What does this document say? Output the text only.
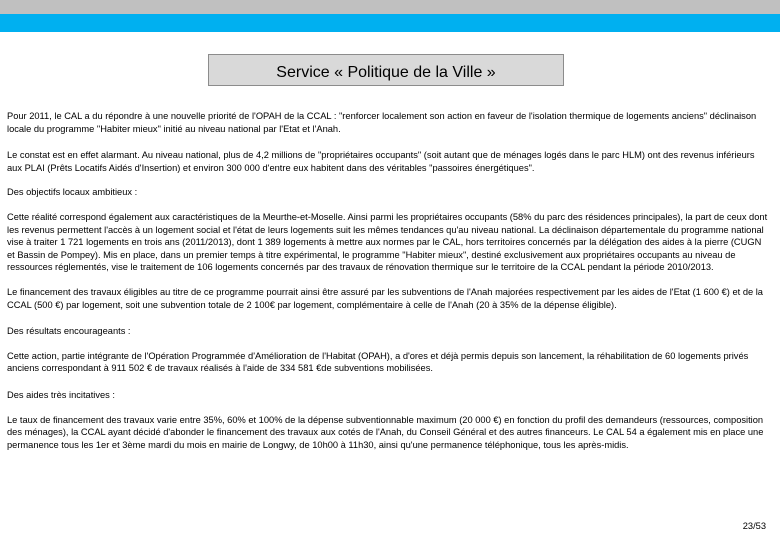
Service « Politique de la Ville »

Pour 2011, le CAL a du répondre à une nouvelle priorité de l'OPAH de la CCAL : "renforcer localement son action en faveur de l'isolation thermique de logements anciens" déclinaison locale du programme "Habiter mieux" initié au niveau national par l'Etat et l'Anah.

Le constat est en effet alarmant. Au niveau national, plus de 4,2 millions de "propriétaires occupants" (soit autant que de ménages logés dans le parc HLM) ont des revenus inférieurs aux PLAI (Prêts Locatifs Aidés d'Insertion) et environ 300 000 d'entre eux habitent dans des véritables "passoires énergétiques".

Des objectifs locaux ambitieux :

Cette réalité correspond également aux caractéristiques de la Meurthe-et-Moselle. Ainsi parmi les propriétaires occupants (58% du parc des résidences principales), la part de ceux dont les revenus permettent l'accès à un logement social et l'état de leurs logements suit les mêmes tendances qu'au niveau national. La déclinaison départementale du programme national vise à traiter 1 721 logements en trois ans (2011/2013), dont 1 389 logements à mettre aux normes par le CAL, hors territoires concernés par la délégation des aides à la pierre (CUGN et Bassin de Pompey). Mis en place, dans un premier temps à titre expérimental, le programme "Habiter mieux", destiné exclusivement aux propriétaires occupants au niveau de ressources réglementés, vise le traitement de 106 logements concernés par des travaux de rénovation thermique sur le territoire de la CCAL pendant la période 2010/2013.

Le financement des travaux éligibles au titre de ce programme pourrait ainsi être assuré par les subventions de l'Anah majorées respectivement par les aides de l'Etat (1 600 €) et de la CCAL (500 €) par logement, soit une subvention totale de 2 100€ par logement, complémentaire à celle de l'Anah (20 à 35% de la dépense éligible).

Des résultats encourageants :

Cette action, partie intégrante de l'Opération Programmée d'Amélioration de l'Habitat (OPAH), a d'ores et déjà permis depuis son lancement, la réhabilitation de 60 logements privés anciens correspondant à 911 502 € de travaux réalisés à l'aide de 334 581 €de subventions mobilisées.

Des aides très incitatives :

Le taux de financement des travaux varie entre 35%, 60% et 100% de la dépense subventionnable maximum (20 000 €) en fonction du profil des demandeurs (ressources, composition des ménages), la CCAL ayant décidé d'abonder le financement des travaux aux cotés de l'Anah, du Conseil Général et des autres financeurs. Le CAL 54 a également mis en place une permanence tous les 1er et 3ème mardi du mois en mairie de Longwy, de 10h00 à 11h30, ainsi qu'une permanence téléphonique, tous les après-midis.

23/53
